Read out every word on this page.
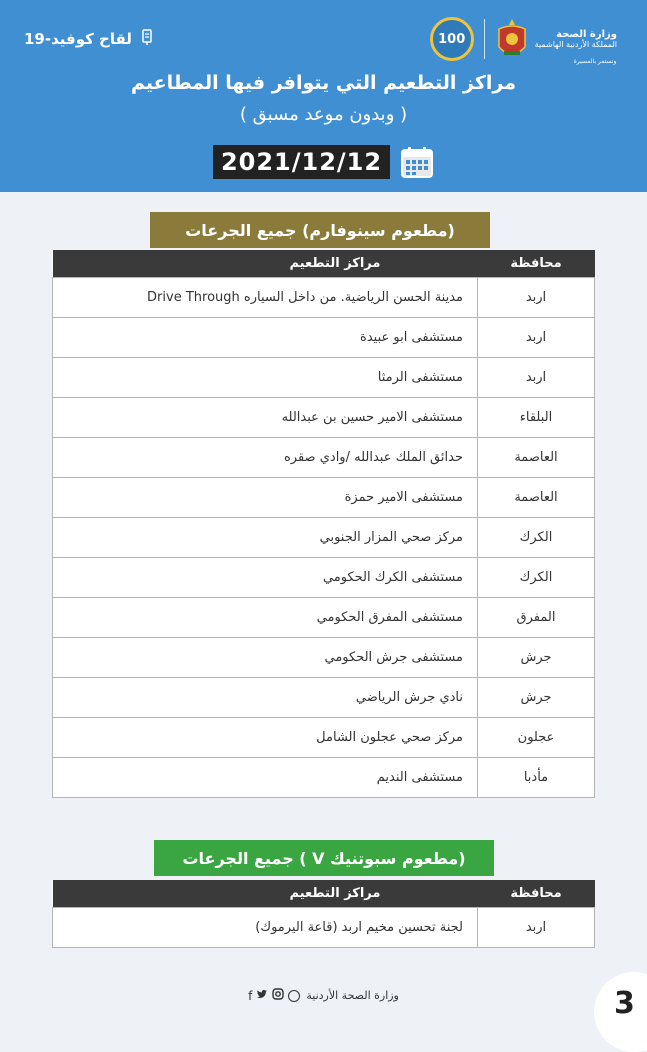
وزارة الصحة
المملكة الأردنية الهاشمية
100
ونستمر بالمسيرة
لقاح كوفيد-19
مراكز التطعيم التي يتوافر فيها المطاعيم
( وبدون موعد مسبق )
2021/12/12
(مطعوم سينوفارم) جميع الجرعات
محافظة	مراكز التطعيم
اربد	مدينة الحسن الرياضية. من داخل السياره Drive Through
اربد	مستشفى ابو عبيدة
اربد	مستشفى الرمثا
البلقاء	مستشفى الامير حسين بن عبدالله
العاصمة	حدائق الملك عبدالله /وادي صقره
العاصمة	مستشفى الامير حمزة
الكرك	مركز صحي المزار الجنوبي
الكرك	مستشفى الكرك الحكومي
المفرق	مستشفى المفرق الحكومي
جرش	مستشفى جرش الحكومي
جرش	نادي جرش الرياضي
عجلون	مركز صحي عجلون الشامل
مأدبا	مستشفى النديم
(مطعوم سبوتنيك V ) جميع الجرعات
محافظة	مراكز التطعيم
اربد	لجنة تحسين مخيم اربد (قاعة اليرموك)
وزارة الصحة الأردنية
f	3
